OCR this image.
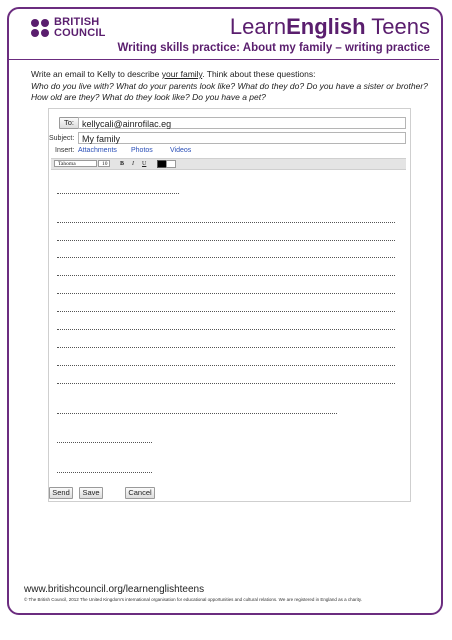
BRITISH
COUNCIL	LearnEnglish Teens
Writing skills practice: About my family – writing practice
Write an email to Kelly to describe your family. Think about these questions:
Who do you live with? What do your parents look like? What do they do? Do you have a sister or brother? How old are they? What do they look like? Do you have a pet?
To: kellycali@ainrofilac.eg
Subject: My family
Insert: Attachments Photos Videos
Tahoma	10	B I U
Send	Save	Cancel
www.britishcouncil.org/learnenglishteens
© The British Council, 2012 The United Kingdom's international organisation for educational opportunities and cultural relations. We are registered in England as a charity.
